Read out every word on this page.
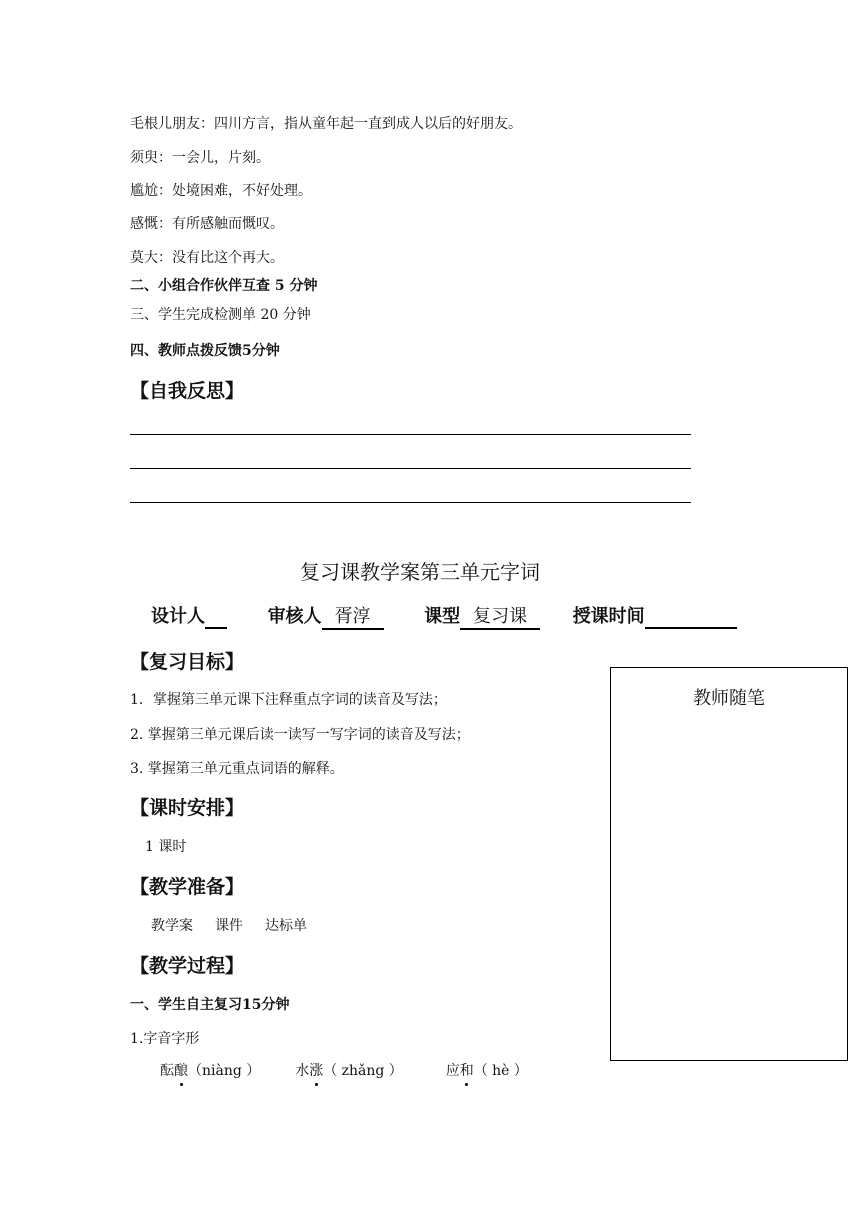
毛根儿朋友：四川方言，指从童年起一直到成人以后的好朋友。
须臾：一会儿，片刻。
尴尬：处境困难，不好处理。
感慨：有所感触而慨叹。
莫大：没有比这个再大。
二、小组合作伙伴互查 5 分钟
三、学生完成检测单 20 分钟
四、教师点拨反馈5分钟
【自我反思】
复习课教学案第三单元字词
设计人	审核人 胥淳	课型 复习课	授课时间
【复习目标】
1．掌握第三单元课下注释重点字词的读音及写法；
2. 掌握第三单元课后读一读写一写字词的读音及写法；
3. 掌握第三单元重点词语的解释。
【课时安排】
1 课时
【教学准备】
教学案 课件 达标单
【教学过程】
一、学生自主复习15分钟
1.字音字形
酝酿（niàng ） 水涨（ zhǎng ）	应和（ hè ）
教师随笔
